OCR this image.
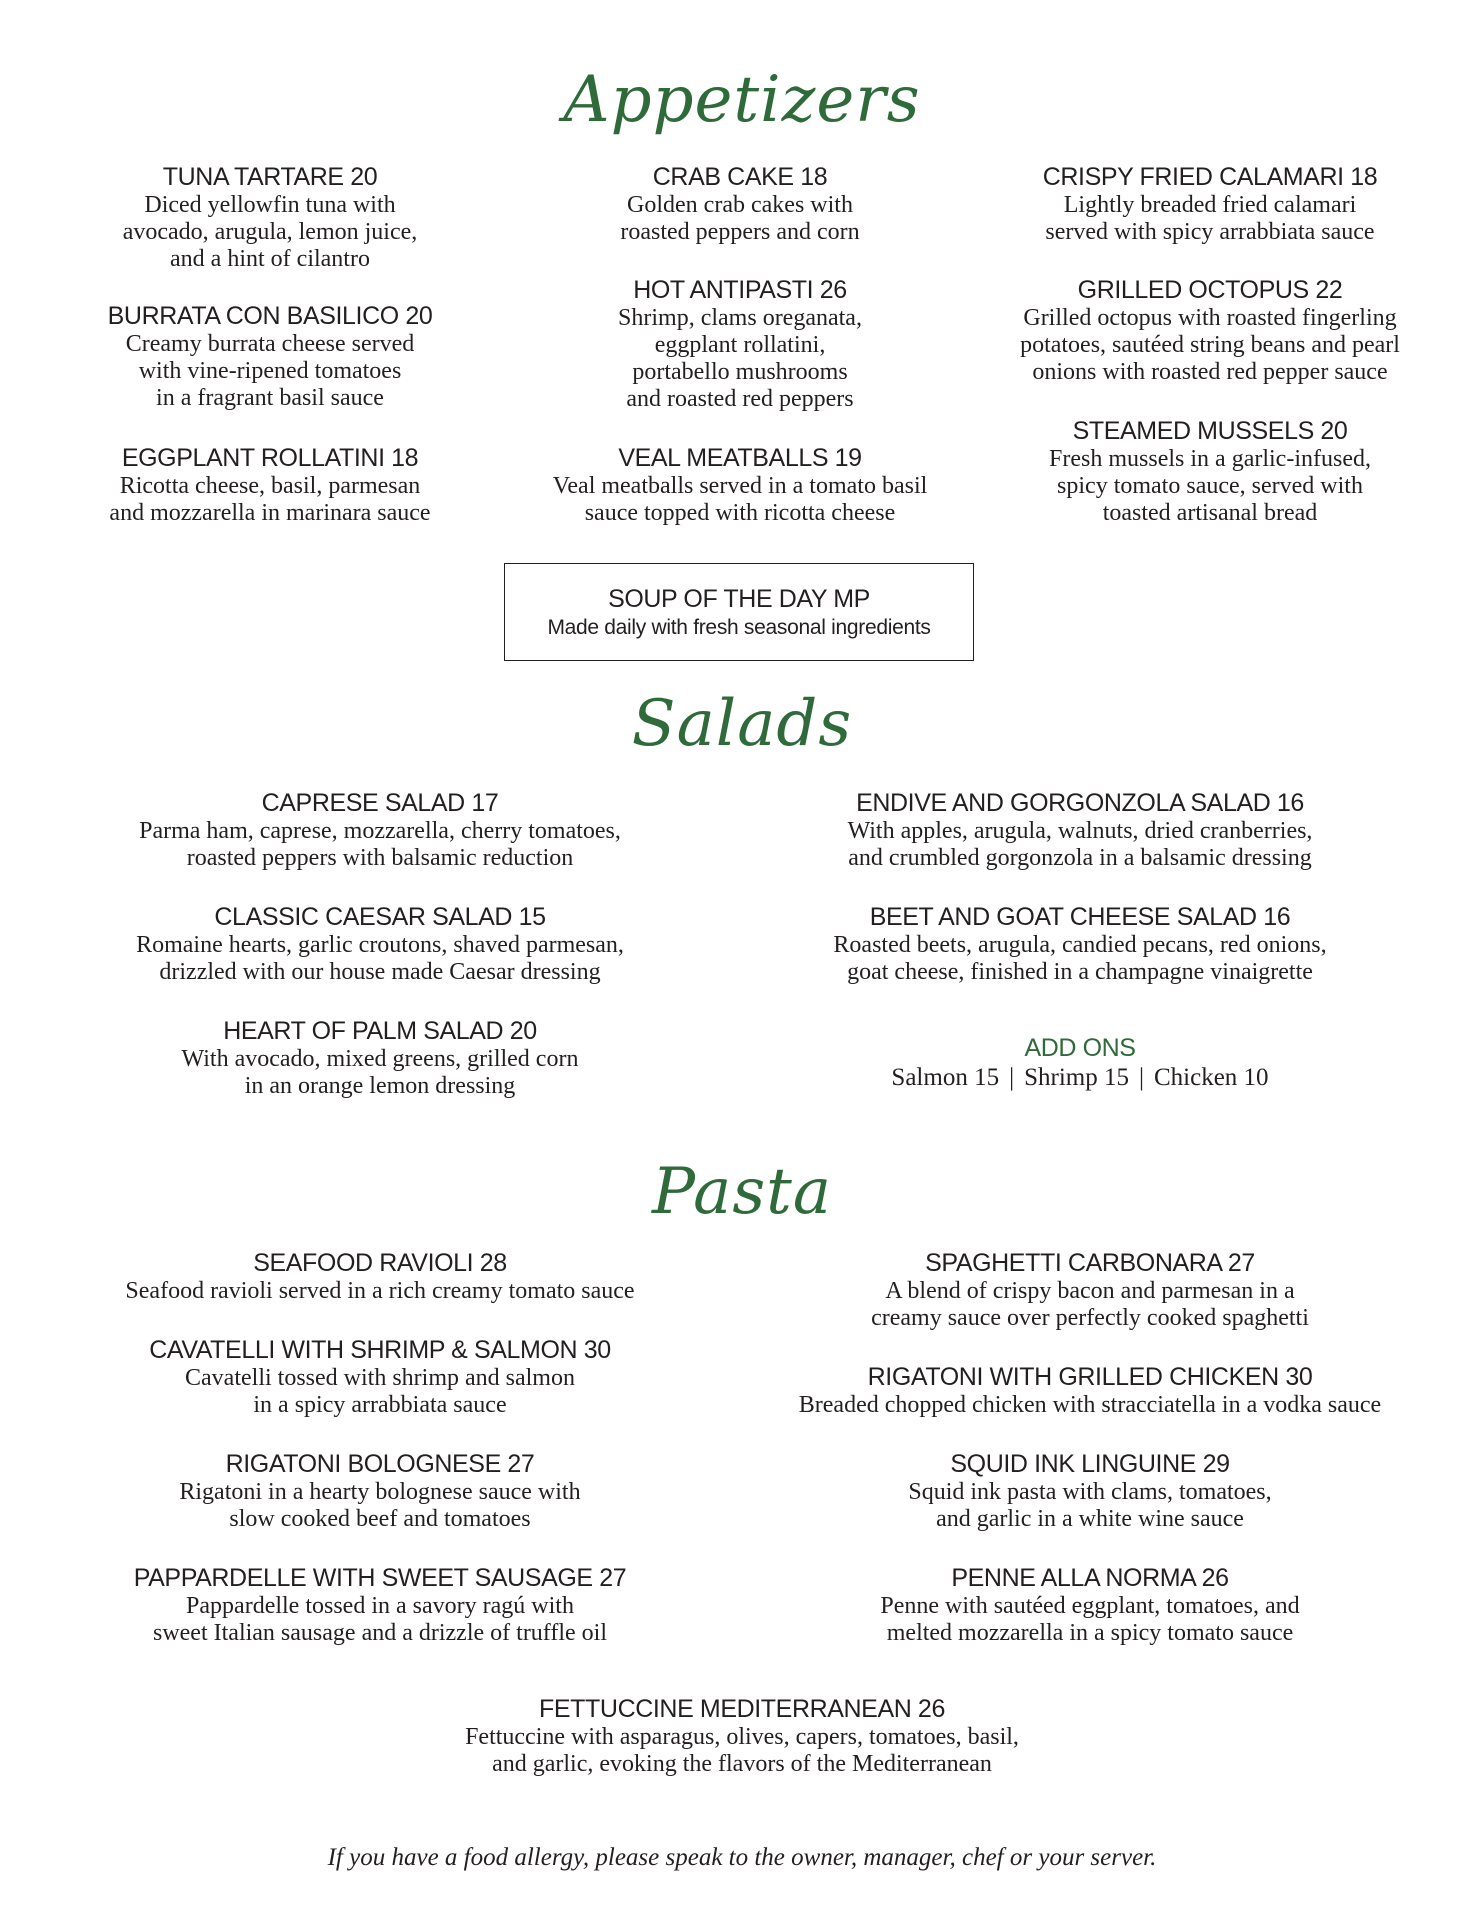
Appetizers
Salads
Pasta
TUNA TARTARE 20
Diced yellowfin tuna with
avocado, arugula, lemon juice,
and a hint of cilantro
BURRATA CON BASILICO 20
Creamy burrata cheese served
with vine-ripened tomatoes
in a fragrant basil sauce
EGGPLANT ROLLATINI 18
Ricotta cheese, basil, parmesan
and mozzarella in marinara sauce
CRAB CAKE 18
Golden crab cakes with
roasted peppers and corn
HOT ANTIPASTI 26
Shrimp, clams oreganata,
eggplant rollatini,
portabello mushrooms
and roasted red peppers
VEAL MEATBALLS 19
Veal meatballs served in a tomato basil
sauce topped with ricotta cheese
CRISPY FRIED CALAMARI 18
Lightly breaded fried calamari
served with spicy arrabbiata sauce
GRILLED OCTOPUS 22
Grilled octopus with roasted fingerling
potatoes, sautéed string beans and pearl
onions with roasted red pepper sauce
STEAMED MUSSELS 20
Fresh mussels in a garlic-infused,
spicy tomato sauce, served with
toasted artisanal bread
SOUP OF THE DAY MP
Made daily with fresh seasonal ingredients
CAPRESE SALAD 17
Parma ham, caprese, mozzarella, cherry tomatoes,
roasted peppers with balsamic reduction
CLASSIC CAESAR SALAD 15
Romaine hearts, garlic croutons, shaved parmesan,
drizzled with our house made Caesar dressing
HEART OF PALM SALAD 20
With avocado, mixed greens, grilled corn
in an orange lemon dressing
ENDIVE AND GORGONZOLA SALAD 16
With apples, arugula, walnuts, dried cranberries,
and crumbled gorgonzola in a balsamic dressing
BEET AND GOAT CHEESE SALAD 16
Roasted beets, arugula, candied pecans, red onions,
goat cheese, finished in a champagne vinaigrette
ADD ONS
Salmon 15 | Shrimp 15 | Chicken 10
SEAFOOD RAVIOLI 28
Seafood ravioli served in a rich creamy tomato sauce
CAVATELLI WITH SHRIMP & SALMON 30
Cavatelli tossed with shrimp and salmon
in a spicy arrabbiata sauce
RIGATONI BOLOGNESE 27
Rigatoni in a hearty bolognese sauce with
slow cooked beef and tomatoes
PAPPARDELLE WITH SWEET SAUSAGE 27
Pappardelle tossed in a savory ragú with
sweet Italian sausage and a drizzle of truffle oil
SPAGHETTI CARBONARA 27
A blend of crispy bacon and parmesan in a
creamy sauce over perfectly cooked spaghetti
RIGATONI WITH GRILLED CHICKEN 30
Breaded chopped chicken with stracciatella in a vodka sauce
SQUID INK LINGUINE 29
Squid ink pasta with clams, tomatoes,
and garlic in a white wine sauce
PENNE ALLA NORMA 26
Penne with sautéed eggplant, tomatoes, and
melted mozzarella in a spicy tomato sauce
FETTUCCINE MEDITERRANEAN 26
Fettuccine with asparagus, olives, capers, tomatoes, basil,
and garlic, evoking the flavors of the Mediterranean
If you have a food allergy, please speak to the owner, manager, chef or your server.
